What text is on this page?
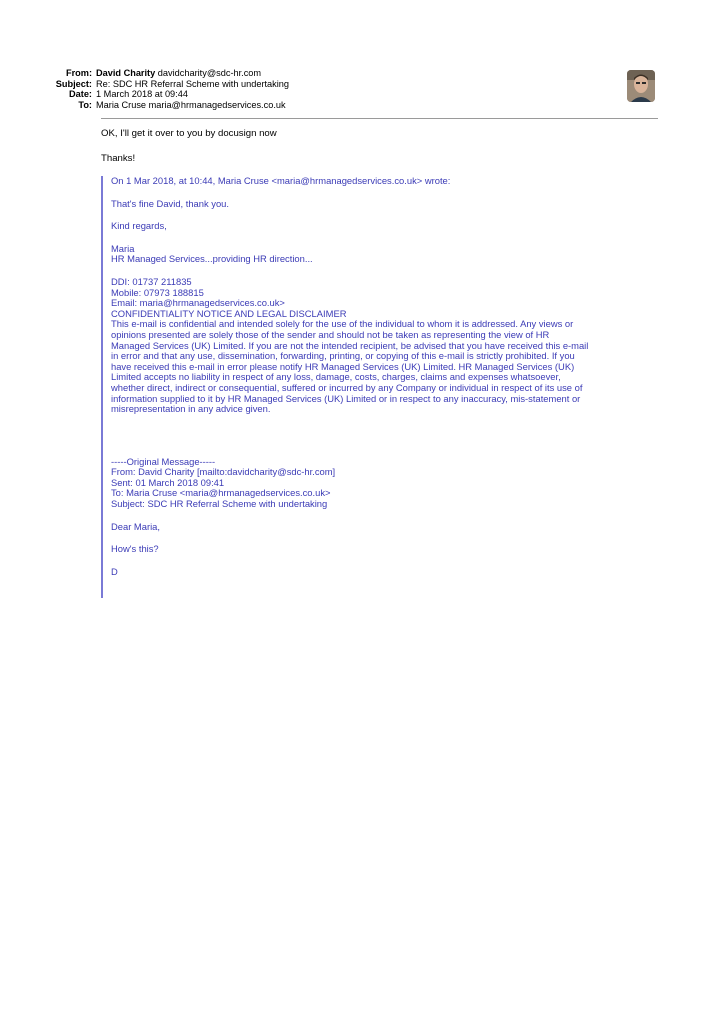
From: David Charity davidcharity@sdc-hr.com
Subject: Re: SDC HR Referral Scheme with undertaking
Date: 1 March 2018 at 09:44
To: Maria Cruse maria@hrmanagedservices.co.uk

OK, I'll get it over to you by docusign now

Thanks!

On 1 Mar 2018, at 10:44, Maria Cruse <maria@hrmanagedservices.co.uk> wrote:

That's fine David, thank you.

Kind regards,

Maria

HR Managed Services...providing HR direction...

DDI: 01737 211835

Mobile: 07973 188815

Email: maria@hrmanagedservices.co.uk>

CONFIDENTIALITY NOTICE AND LEGAL DISCLAIMER

This e-mail is confidential and intended solely for the use of the individual to whom it is addressed. Any views or

opinions presented are solely those of the sender and should not be taken as representing the view of HR

Managed Services (UK) Limited. If you are not the intended recipient, be advised that you have received this e-mail

in error and that any use, dissemination, forwarding, printing, or copying of this e-mail is strictly prohibited. If you

have received this e-mail in error please notify HR Managed Services (UK) Limited. HR Managed Services (UK)

Limited accepts no liability in respect of any loss, damage, costs, charges, claims and expenses whatsoever,

whether direct, indirect or consequential, suffered or incurred by any Company or individual in respect of its use of

information supplied to it by HR Managed Services (UK) Limited or in respect to any inaccuracy, mis-statement or

misrepresentation in any advice given.

-----Original Message-----

From: David Charity [mailto:davidcharity@sdc-hr.com]

Sent: 01 March 2018 09:41

To: Maria Cruse <maria@hrmanagedservices.co.uk>

Subject: SDC HR Referral Scheme with undertaking

Dear Maria,

How's this?

D
